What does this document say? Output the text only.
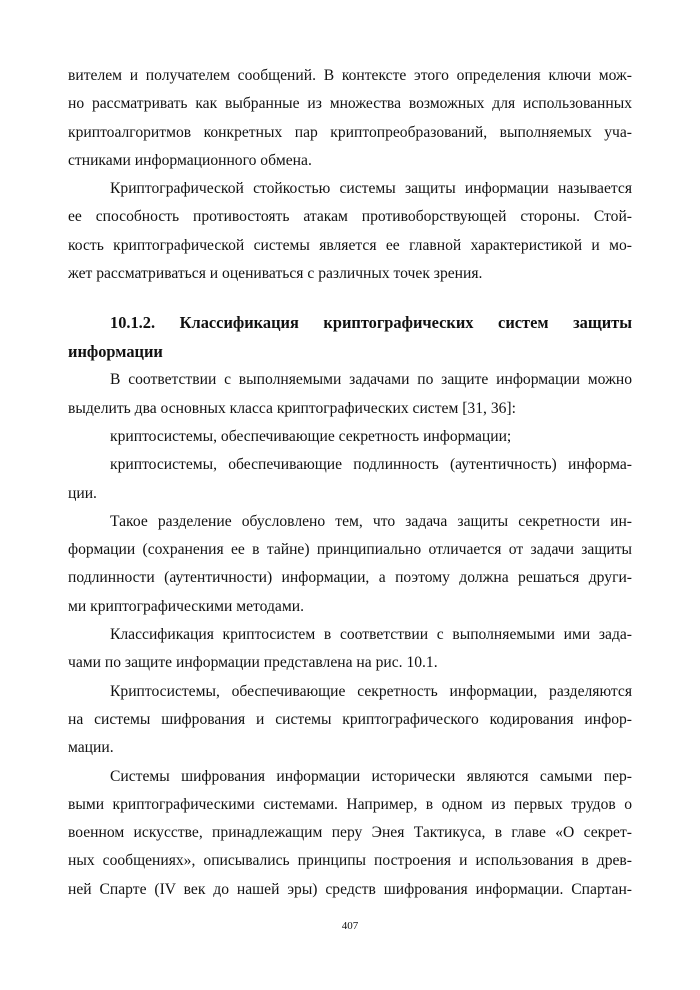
вителем и получателем сообщений. В контексте этого определения ключи мож-
но рассматривать как выбранные из множества возможных для использованных
криптоалгоритмов конкретных пар криптопреобразований, выполняемых уча-
стниками информационного обмена.
Криптографической стойкостью системы защиты информации называется
ее способность противостоять атакам противоборствующей стороны. Стой-
кость криптографической системы является ее главной характеристикой и мо-
жет рассматриваться и оцениваться с различных точек зрения.
10.1.2. Классификация криптографических систем защиты
информации
В соответствии с выполняемыми задачами по защите информации можно
выделить два основных класса криптографических систем [31, 36]:
криптосистемы, обеспечивающие секретность информации;
криптосистемы, обеспечивающие подлинность (аутентичность) информа-
ции.
Такое разделение обусловлено тем, что задача защиты секретности ин-
формации (сохранения ее в тайне) принципиально отличается от задачи защиты
подлинности (аутентичности) информации, а поэтому должна решаться други-
ми криптографическими методами.
Классификация криптосистем в соответствии с выполняемыми ими зада-
чами по защите информации представлена на рис. 10.1.
Криптосистемы, обеспечивающие секретность информации, разделяются
на системы шифрования и системы криптографического кодирования инфор-
мации.
Системы шифрования информации исторически являются самыми пер-
выми криптографическими системами. Например, в одном из первых трудов о
военном искусстве, принадлежащим перу Энея Тактикуса, в главе «О секрет-
ных сообщениях», описывались принципы построения и использования в древ-
ней Спарте (IV век до нашей эры) средств шифрования информации. Спартан-
407
